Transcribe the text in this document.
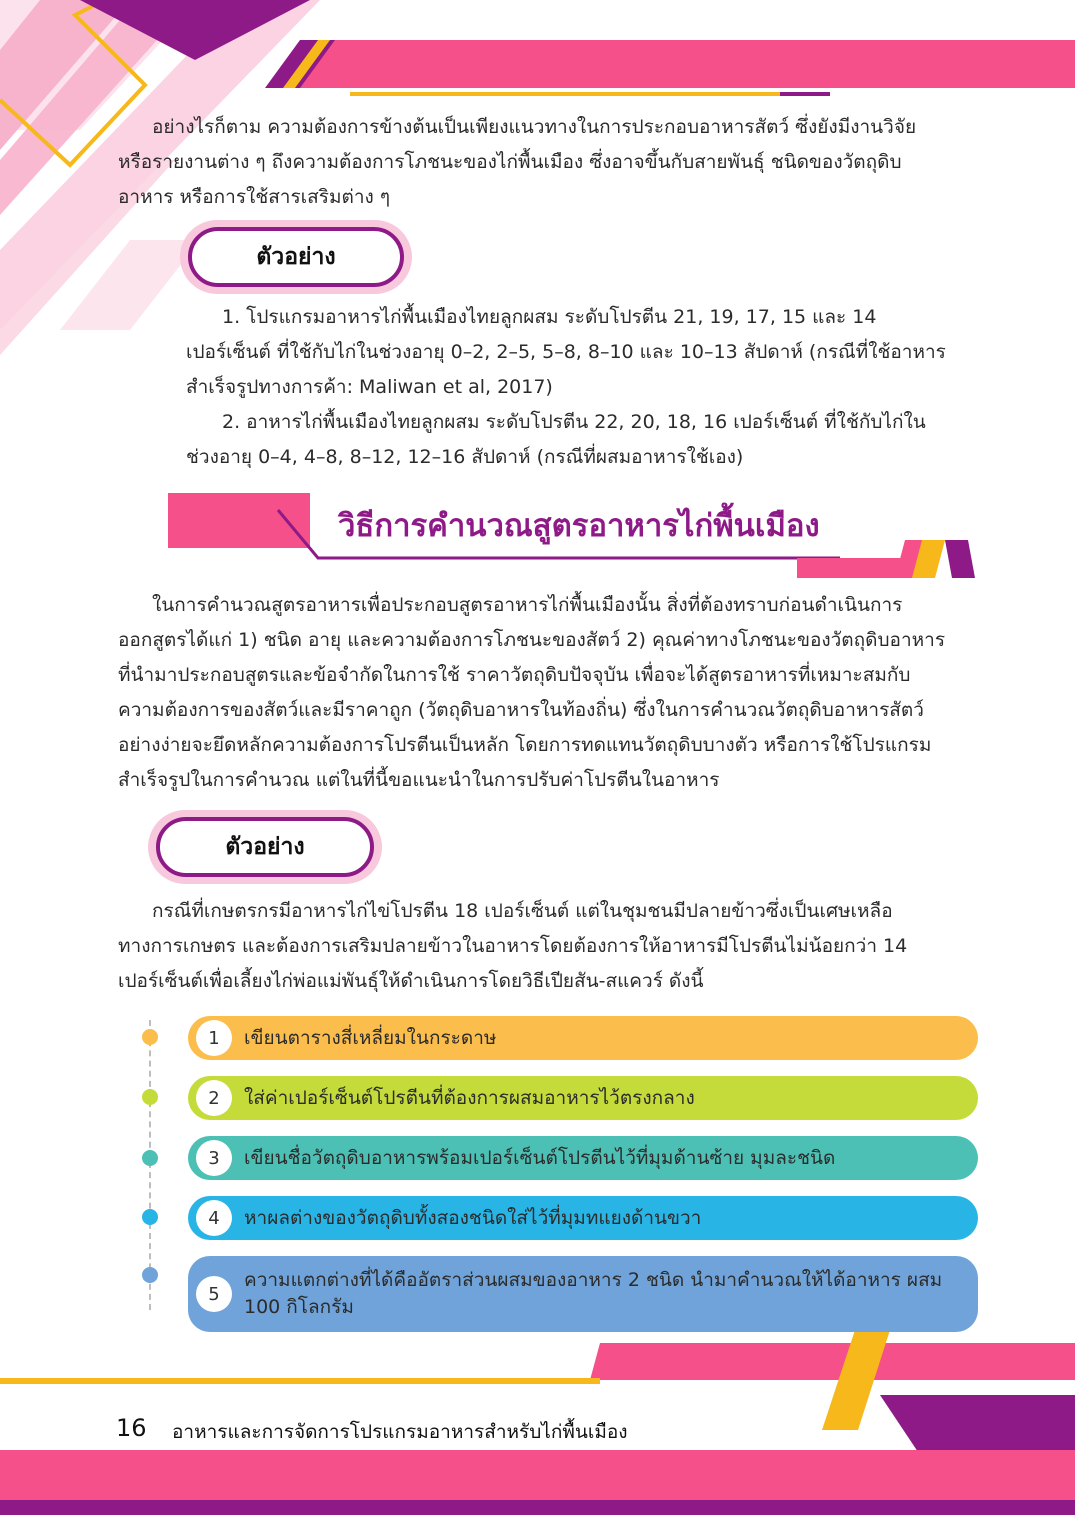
อย่างไรก็ตาม ความต้องการข้างต้นเป็นเพียงแนวทางในการประกอบอาหารสัตว์ ซึ่งยังมีงานวิจัย

หรือรายงานต่าง ๆ ถึงความต้องการโภชนะของไก่พื้นเมือง ซึ่งอาจขึ้นกับสายพันธุ์ ชนิดของวัตถุดิบ

อาหาร หรือการใช้สารเสริมต่าง ๆ

ตัวอย่าง

1. โปรแกรมอาหารไก่พื้นเมืองไทยลูกผสม ระดับโปรตีน 21, 19, 17, 15 และ 14

เปอร์เซ็นต์ ที่ใช้กับไก่ในช่วงอายุ 0–2, 2–5, 5–8, 8–10 และ 10–13 สัปดาห์ (กรณีที่ใช้อาหาร

สำเร็จรูปทางการค้า: Maliwan et al, 2017)

2. อาหารไก่พื้นเมืองไทยลูกผสม ระดับโปรตีน 22, 20, 18, 16 เปอร์เซ็นต์ ที่ใช้กับไก่ใน

ช่วงอายุ 0–4, 4–8, 8–12, 12–16 สัปดาห์ (กรณีที่ผสมอาหารใช้เอง)

วิธีการคำนวณสูตรอาหารไก่พื้นเมือง

ในการคำนวณสูตรอาหารเพื่อประกอบสูตรอาหารไก่พื้นเมืองนั้น สิ่งที่ต้องทราบก่อนดำเนินการ

ออกสูตรได้แก่ 1) ชนิด อายุ และความต้องการโภชนะของสัตว์ 2) คุณค่าทางโภชนะของวัตถุดิบอาหาร

ที่นำมาประกอบสูตรและข้อจำกัดในการใช้ ราคาวัตถุดิบปัจจุบัน เพื่อจะได้สูตรอาหารที่เหมาะสมกับ

ความต้องการของสัตว์และมีราคาถูก (วัตถุดิบอาหารในท้องถิ่น) ซึ่งในการคำนวณวัตถุดิบอาหารสัตว์

อย่างง่ายจะยึดหลักความต้องการโปรตีนเป็นหลัก โดยการทดแทนวัตถุดิบบางตัว หรือการใช้โปรแกรม

สำเร็จรูปในการคำนวณ แต่ในที่นี้ขอแนะนำในการปรับค่าโปรตีนในอาหาร

ตัวอย่าง

กรณีที่เกษตรกรมีอาหารไก่ไข่โปรตีน 18 เปอร์เซ็นต์ แต่ในชุมชนมีปลายข้าวซึ่งเป็นเศษเหลือ

ทางการเกษตร และต้องการเสริมปลายข้าวในอาหารโดยต้องการให้อาหารมีโปรตีนไม่น้อยกว่า 14

เปอร์เซ็นต์เพื่อเลี้ยงไก่พ่อแม่พันธุ์ให้ดำเนินการโดยวิธีเปียสัน-สแควร์ ดังนี้

1	เขียนตารางสี่เหลี่ยมในกระดาษ
2	ใส่ค่าเปอร์เซ็นต์โปรตีนที่ต้องการผสมอาหารไว้ตรงกลาง
3	เขียนชื่อวัตถุดิบอาหารพร้อมเปอร์เซ็นต์โปรตีนไว้ที่มุมด้านซ้าย มุมละชนิด
4	หาผลต่างของวัตถุดิบทั้งสองชนิดใส่ไว้ที่มุมทแยงด้านขวา
5
ความแตกต่างที่ได้คืออัตราส่วนผสมของอาหาร 2 ชนิด นำมาคำนวณให้ได้อาหาร ผสม 100 กิโลกรัม
16 อาหารและการจัดการโปรแกรมอาหารสำหรับไก่พื้นเมือง
